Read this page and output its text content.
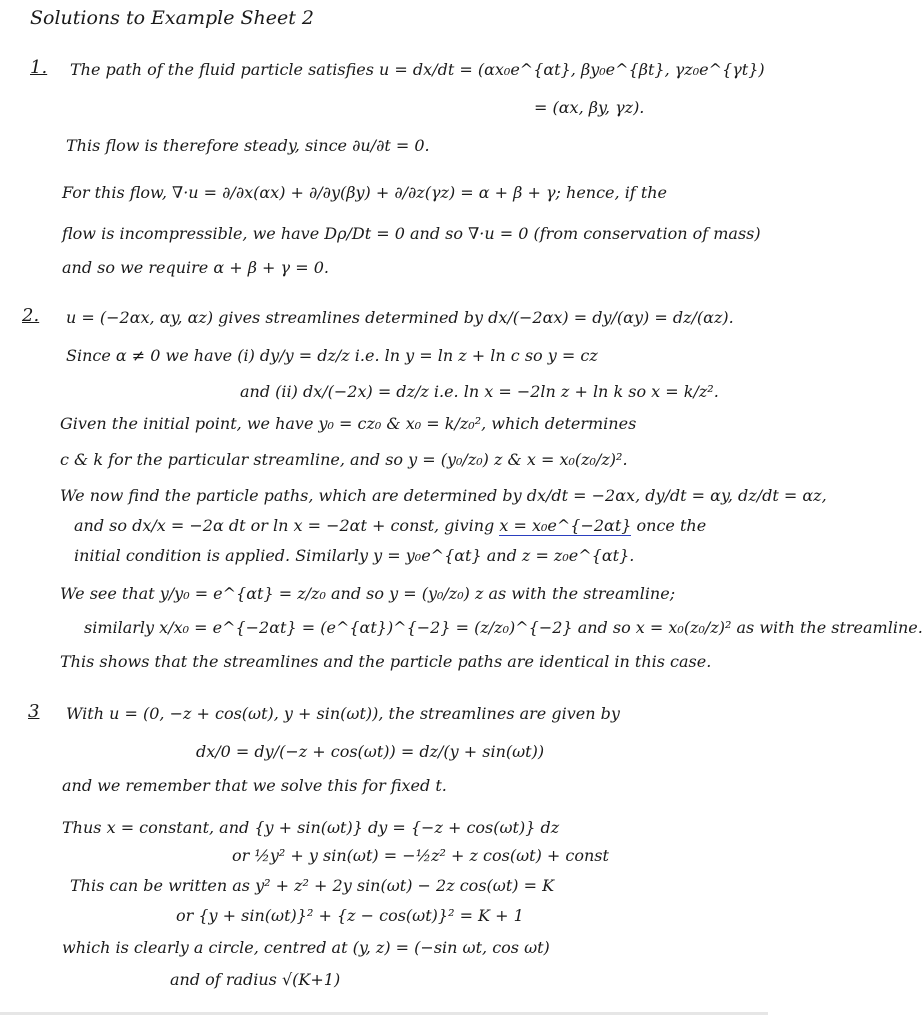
Solutions to Example Sheet 2
1. The path of the fluid particle satisfies u = dx/dt = (αx₀e^{αt}, βy₀e^{βt}, γz₀e^{γt})
= (αx, βy, γz).
This flow is therefore steady, since ∂u/∂t = 0.
For this flow, ∇·u = ∂/∂x(αx) + ∂/∂y(βy) + ∂/∂z(γz) = α + β + γ; hence, if the
flow is incompressible, we have Dρ/Dt = 0 and so ∇·u = 0 (from conservation of mass)
and so we require α + β + γ = 0.
2. u = (−2αx, αy, αz) gives streamlines determined by dx/(−2αx) = dy/(αy) = dz/(αz).
Since α ≠ 0 we have (i) dy/y = dz/z i.e. ln y = ln z + ln c so y = cz
and (ii) dx/(−2x) = dz/z i.e. ln x = −2ln z + ln k so x = k/z².
Given the initial point, we have y₀ = cz₀ & x₀ = k/z₀², which determines
c & k for the particular streamline, and so y = (y₀/z₀) z & x = x₀(z₀/z)².
We now find the particle paths, which are determined by dx/dt = −2αx, dy/dt = αy, dz/dt = αz,
and so dx/x = −2α dt or ln x = −2αt + const, giving x = x₀e^{−2αt} once the
initial condition is applied. Similarly y = y₀e^{αt} and z = z₀e^{αt}.
We see that y/y₀ = e^{αt} = z/z₀ and so y = (y₀/z₀) z as with the streamline;
similarly x/x₀ = e^{−2αt} = (e^{αt})^{−2} = (z/z₀)^{−2} and so x = x₀(z₀/z)² as with the streamline.
This shows that the streamlines and the particle paths are identical in this case.
3 With u = (0, −z + cos(ωt), y + sin(ωt)), the streamlines are given by
dx/0 = dy/(−z + cos(ωt)) = dz/(y + sin(ωt))
and we remember that we solve this for fixed t.
Thus x = constant, and {y + sin(ωt)} dy = {−z + cos(ωt)} dz
or ½y² + y sin(ωt) = −½z² + z cos(ωt) + const
This can be written as y² + z² + 2y sin(ωt) − 2z cos(ωt) = K
or {y + sin(ωt)}² + {z − cos(ωt)}² = K + 1
which is clearly a circle, centred at (y, z) = (−sin ωt, cos ωt)
and of radius √(K+1)
